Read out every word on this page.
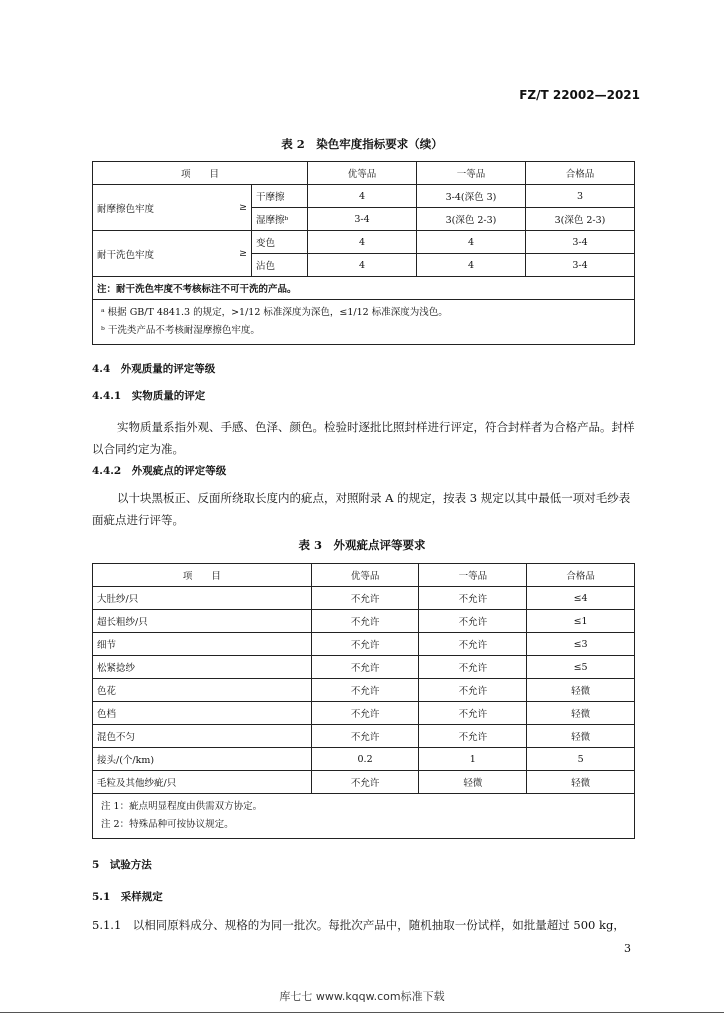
FZ/T 22002—2021
表 2　染色牢度指标要求（续）
项　　目		优等品	一等品	合格品

耐摩擦色牢度 ≥	干摩擦	4	3-4(深色 3)	3
	湿摩擦ᵇ	3-4	3(深色 2-3)	3(深色 2-3)

耐干洗色牢度 ≥	变色	4	4	3-4
	沾色	4	4	3-4
注：耐干洗色牢度不考核标注不可干洗的产品。				

ᵃ 根据 GB/T 4841.3 的规定，>1/12 标准深度为深色，≤1/12 标准深度为浅色。
ᵇ 干洗类产品不考核耐湿摩擦色牢度。				
4.4　外观质量的评定等级
4.4.1　实物质量的评定
实物质量系指外观、手感、色泽、颜色。检验时逐批比照封样进行评定，符合封样者为合格产品。封样以合同约定为准。
4.4.2　外观疵点的评定等级
以十块黑板正、反面所绕取长度内的疵点，对照附录 A 的规定，按表 3 规定以其中最低一项对毛纱表面疵点进行评等。
表 3　外观疵点评等要求
项　　目	优等品	一等品	合格品
大肚纱/只	不允许	不允许	≤4
超长粗纱/只	不允许	不允许	≤1
细节	不允许	不允许	≤3
松紧捻纱	不允许	不允许	≤5
色花	不允许	不允许	轻微
色档	不允许	不允许	轻微
混色不匀	不允许	不允许	轻微
接头/(个/km)	0.2	1	5
毛粒及其他纱疵/只	不允许	轻微	轻微

注 1：疵点明显程度由供需双方协定。
注 2：特殊品种可按协议规定。			
5　试验方法
5.1　采样规定
5.1.1　以相同原料成分、规格的为同一批次。每批次产品中，随机抽取一份试样，如批量超过 500 kg，
3
库七七 www.kqqw.com标准下载
